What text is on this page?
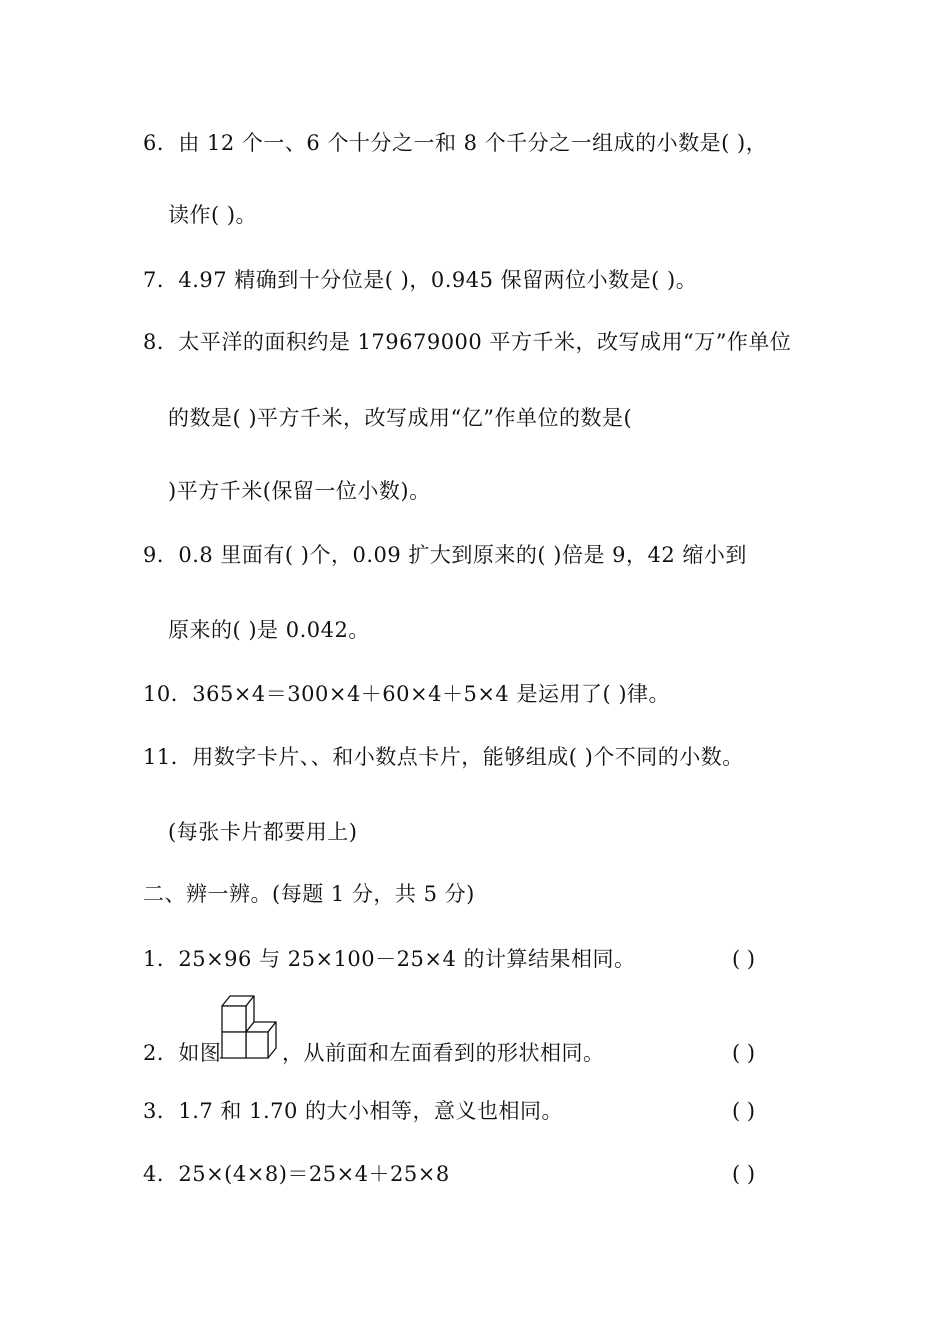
6．由 12 个一、6 个十分之一和 8 个千分之一组成的小数是( )，
读作( )。
7．4.97 精确到十分位是( )，0.945 保留两位小数是( )。
8．太平洋的面积约是 179679000 平方千米，改写成用“万”作单位
的数是( )平方千米，改写成用“亿”作单位的数是(
)平方千米(保留一位小数)。
9．0.8 里面有( )个，0.09 扩大到原来的( )倍是 9，42 缩小到
原来的( )是 0.042。
10．365×4＝300×4＋60×4＋5×4 是运用了( )律。
11．用数字卡片、、和小数点卡片，能够组成( )个不同的小数。
(每张卡片都要用上)
二、辨一辨。(每题 1 分，共 5 分)
1．25×96 与 25×100－25×4 的计算结果相同。	( )
2．如图	，从前面和左面看到的形状相同。	( )
3．1.7 和 1.70 的大小相等，意义也相同。	( )
4．25×(4×8)＝25×4＋25×8	( )
